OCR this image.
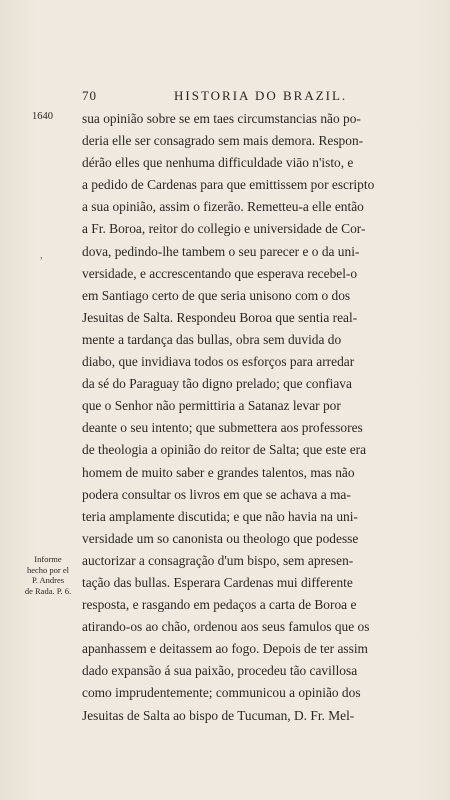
70	HISTORIA DO BRAZIL.
1640
,
Informe
hecho por el
P. Andres
de Rada. P. 6.
sua opinião sobre se em taes circumstancias não po-
deria elle ser consagrado sem mais demora. Respon-
dérão elles que nenhuma difficuldade viāo n'isto, e
a pedido de Cardenas para que emittissem por escripto
a sua opinião, assim o fizerão. Remetteu-a elle então
a Fr. Boroa, reitor do collegio e universidade de Cor-
dova, pedindo-lhe tambem o seu parecer e o da uni-
versidade, e accrescentando que esperava recebel-o
em Santiago certo de que seria unisono com o dos
Jesuitas de Salta. Respondeu Boroa que sentia real-
mente a tardança das bullas, obra sem duvida do
diabo, que invidiava todos os esforços para arredar
da sé do Paraguay tão digno prelado; que confiava
que o Senhor não permittiria a Satanaz levar por
deante o seu intento; que submettera aos professores
de theologia a opinião do reitor de Salta; que este era
homem de muito saber e grandes talentos, mas não
podera consultar os livros em que se achava a ma-
teria amplamente discutida; e que não havia na uni-
versidade um so canonista ou theologo que podesse
auctorizar a consagração d'um bispo, sem apresen-
tação das bullas. Esperara Cardenas mui differente
resposta, e rasgando em pedaços a carta de Boroa e
atirando-os ao chão, ordenou aos seus famulos que os
apanhassem e deitassem ao fogo. Depois de ter assim
dado expansão á sua paixão, procedeu tão cavillosa
como imprudentemente; communicou a opinião dos
Jesuitas de Salta ao bispo de Tucuman, D. Fr. Mel-
